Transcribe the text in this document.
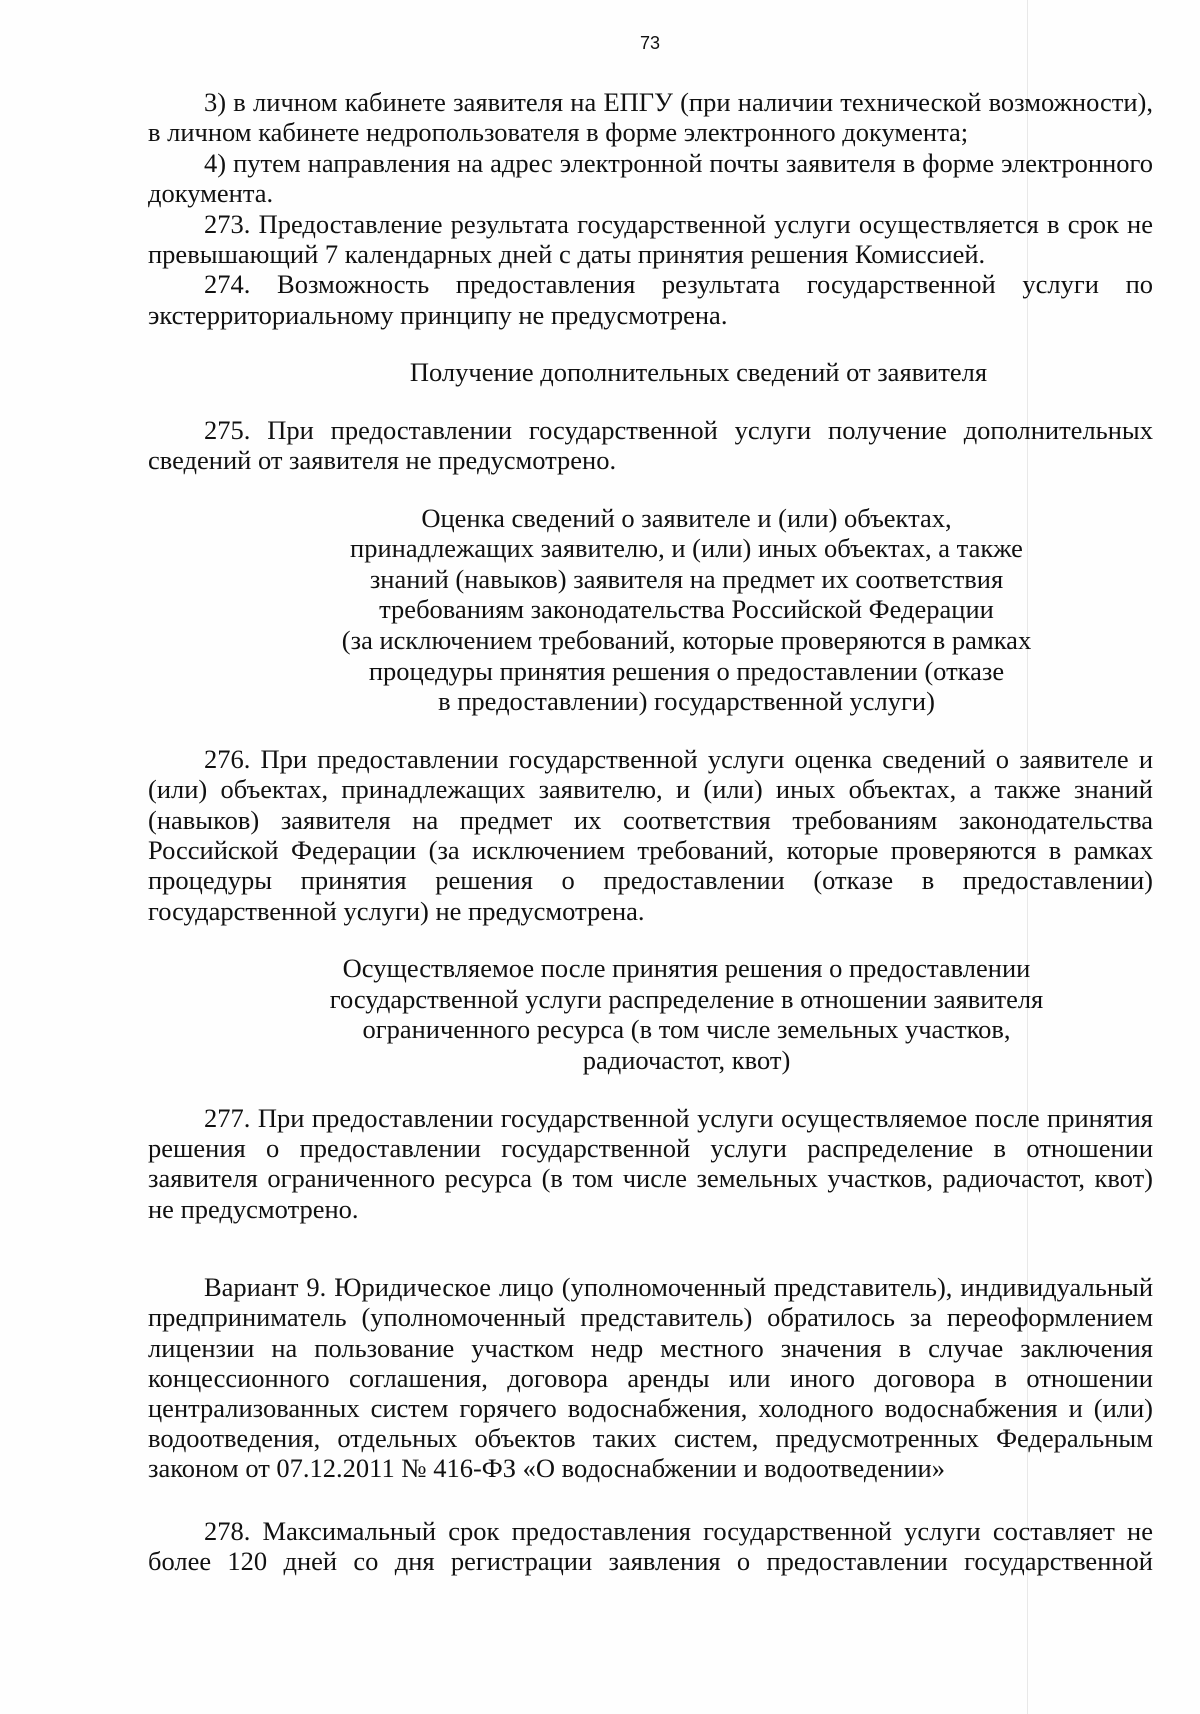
73

3) в личном кабинете заявителя на ЕПГУ (при наличии технической возможности), в личном кабинете недропользователя в форме электронного документа;

4) путем направления на адрес электронной почты заявителя в форме электронного документа.

273. Предоставление результата государственной услуги осуществляется в срок не превышающий 7 календарных дней с даты принятия решения Комиссией.

274. Возможность предоставления результата государственной услуги по экстерриториальному принципу не предусмотрена.

Получение дополнительных сведений от заявителя

275. При предоставлении государственной услуги получение дополнительных сведений от заявителя не предусмотрено.

Оценка сведений о заявителе и (или) объектах,
принадлежащих заявителю, и (или) иных объектах, а также
знаний (навыков) заявителя на предмет их соответствия
требованиям законодательства Российской Федерации
(за исключением требований, которые проверяются в рамках
процедуры принятия решения о предоставлении (отказе
в предоставлении) государственной услуги)

276. При предоставлении государственной услуги оценка сведений о заявителе и (или) объектах, принадлежащих заявителю, и (или) иных объектах, а также знаний (навыков) заявителя на предмет их соответствия требованиям законодательства Российской Федерации (за исключением требований, которые проверяются в рамках процедуры принятия решения о предоставлении (отказе в предоставлении) государственной услуги) не предусмотрена.

Осуществляемое после принятия решения о предоставлении
государственной услуги распределение в отношении заявителя
ограниченного ресурса (в том числе земельных участков,
радиочастот, квот)

277. При предоставлении государственной услуги осуществляемое после принятия решения о предоставлении государственной услуги распределение в отношении заявителя ограниченного ресурса (в том числе земельных участков, радиочастот, квот) не предусмотрено.

Вариант 9. Юридическое лицо (уполномоченный представитель), индивидуальный предприниматель (уполномоченный представитель) обратилось за переоформлением лицензии на пользование участком недр местного значения в случае заключения концессионного соглашения, договора аренды или иного договора в отношении централизованных систем горячего водоснабжения, холодного водоснабжения и (или) водоотведения, отдельных объектов таких систем, предусмотренных Федеральным законом от 07.12.2011 № 416-ФЗ «О водоснабжении и водоотведении»

278. Максимальный срок предоставления государственной услуги составляет не более 120 дней со дня регистрации заявления о предоставлении государственной
